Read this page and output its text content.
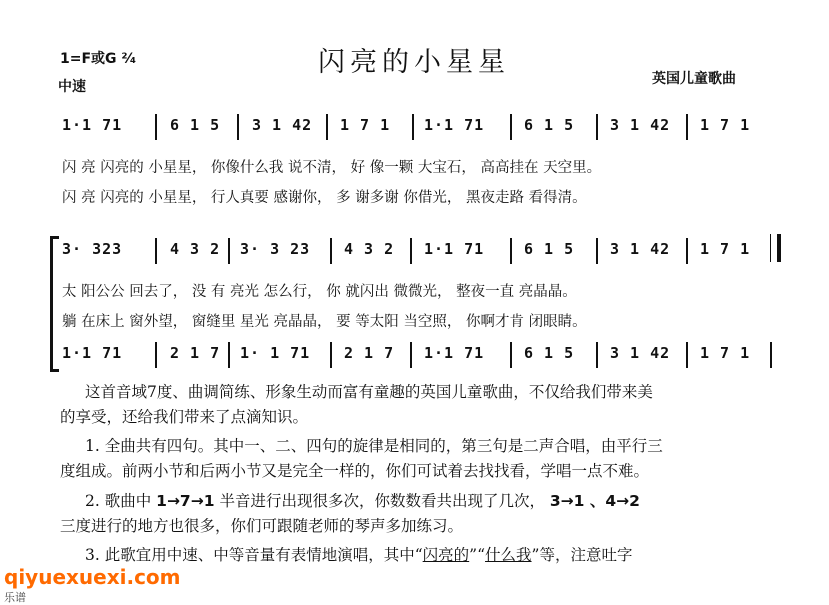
闪亮的小星星
1=F或G ²⁄₄
中速	英国儿童歌曲
1·1 71	6 1 5 3 1 42 1 7 1 1·1 71	6 1 5 3 1 42 1 7 1
闪 亮 闪亮的 小星星， 你像什么我 说不清， 好 像一颗 大宝石， 高高挂在 天空里。
闪 亮 闪亮的 小星星， 行人真要 感谢你， 多 谢多谢 你借光， 黑夜走路 看得清。
3· 323	4 3 2 3· 3 23 4 3 2 1·1 71	6 1 5 3 1 42 1 7 1
太 阳公公 回去了， 没 有 亮光 怎么行， 你 就闪出 微微光， 整夜一直 亮晶晶。
躺 在床上 窗外望， 窗缝里 星光 亮晶晶， 要 等太阳 当空照， 你啊才肯 闭眼睛。
1·1 71	2 1 7 1· 1 71 2 1 7 1·1 71	6 1 5 3 1 42 1 7 1
这首音域7度、曲调简练、形象生动而富有童趣的英国儿童歌曲，不仅给我们带来美
的享受，还给我们带来了点滴知识。
1. 全曲共有四句。其中一、二、四句的旋律是相同的，第三句是二声合唱，由平行三
度组成。前两小节和后两小节又是完全一样的，你们可试着去找找看，学唱一点不难。
2. 歌曲中 1→7→1 半音进行出现很多次，你数数看共出现了几次， 3→1 、4→2
三度进行的地方也很多，你们可跟随老师的琴声多加练习。
3. 此歌宜用中速、中等音量有表情地演唱，其中“闪亮的”“什么我”等，注意吐字
qiyuexuexi.com
乐谱
